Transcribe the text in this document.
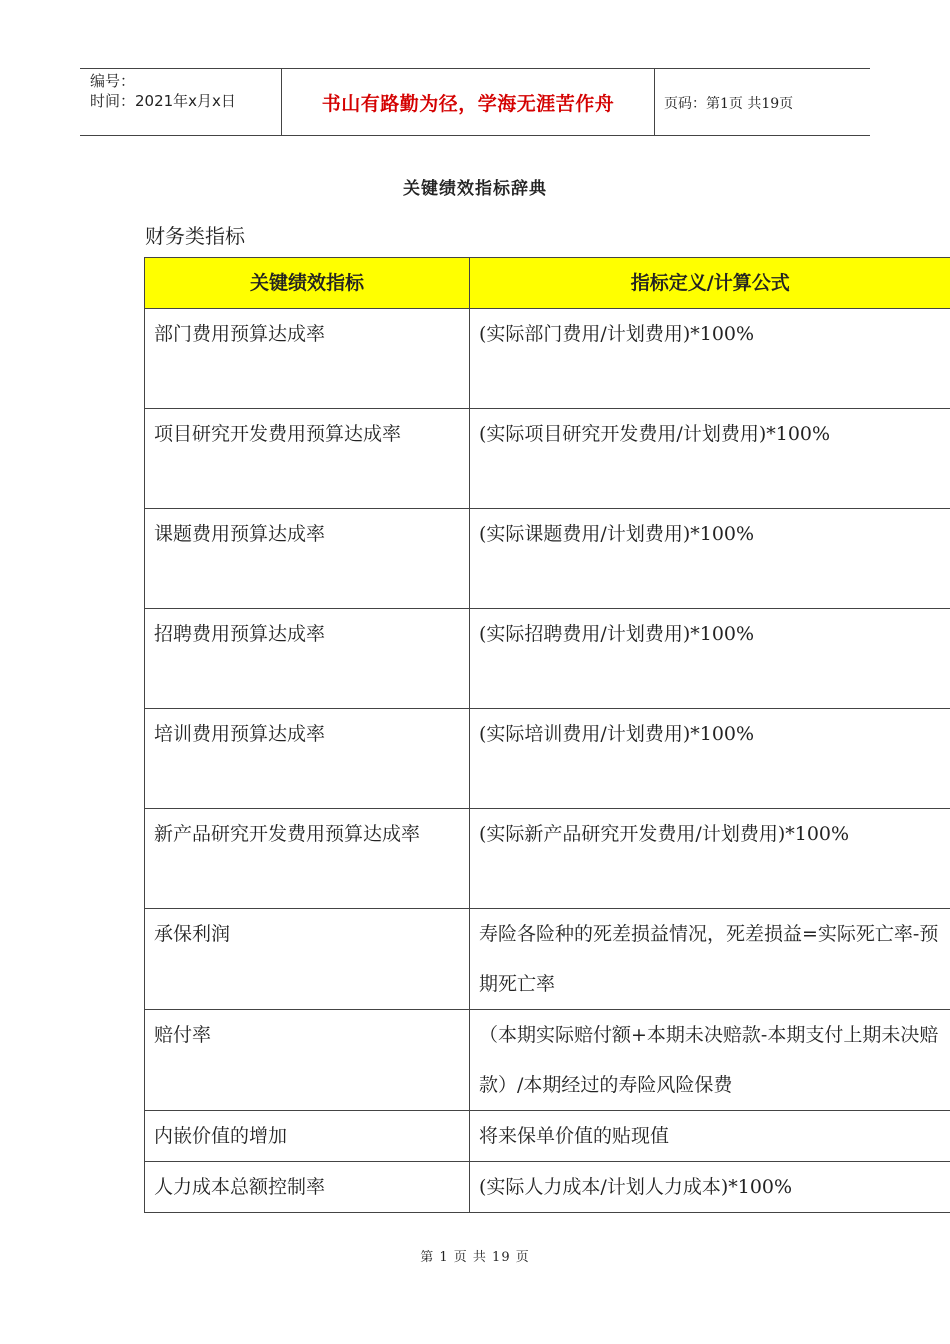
编号：
时间：2021年x月x日	书山有路勤为径，学海无涯苦作舟	页码：第1页 共19页
关键绩效指标辞典
财务类指标
关键绩效指标	指标定义/计算公式
部门费用预算达成率	(实际部门费用/计划费用)*100%
项目研究开发费用预算达成率	(实际项目研究开发费用/计划费用)*100%
课题费用预算达成率	(实际课题费用/计划费用)*100%
招聘费用预算达成率	(实际招聘费用/计划费用)*100%
培训费用预算达成率	(实际培训费用/计划费用)*100%
新产品研究开发费用预算达成率	(实际新产品研究开发费用/计划费用)*100%
承保利润	寿险各险种的死差损益情况，死差损益=实际死亡率-预期死亡率
赔付率	（本期实际赔付额+本期未决赔款-本期支付上期未决赔款）/本期经过的寿险风险保费
内嵌价值的增加	将来保单价值的贴现值
人力成本总额控制率	(实际人力成本/计划人力成本)*100%
第 1 页 共 19 页
